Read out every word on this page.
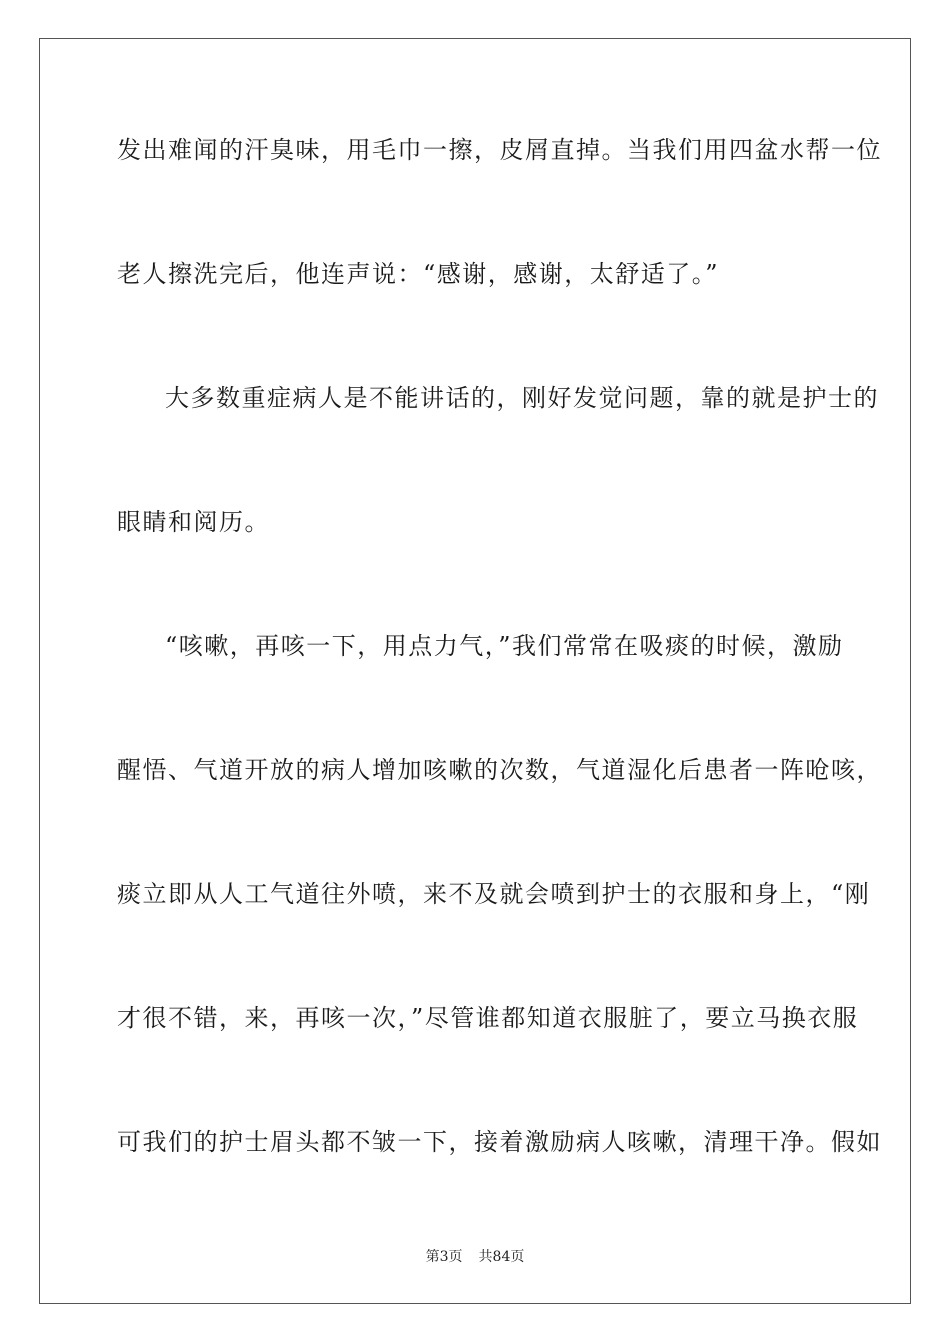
发出难闻的汗臭味，用毛巾一擦，皮屑直掉。当我们用四盆水帮一位
老人擦洗完后，他连声说：“感谢，感谢，太舒适了。”
大多数重症病人是不能讲话的，刚好发觉问题，靠的就是护士的
眼睛和阅历。
“咳嗽，再咳一下，用点力气，”我们常常在吸痰的时候，激励
醒悟、气道开放的病人增加咳嗽的次数，气道湿化后患者一阵呛咳，
痰立即从人工气道往外喷，来不及就会喷到护士的衣服和身上，“刚
才很不错，来，再咳一次，”尽管谁都知道衣服脏了，要立马换衣服
可我们的护士眉头都不皱一下，接着激励病人咳嗽，清理干净。假如
第3页 共84页
